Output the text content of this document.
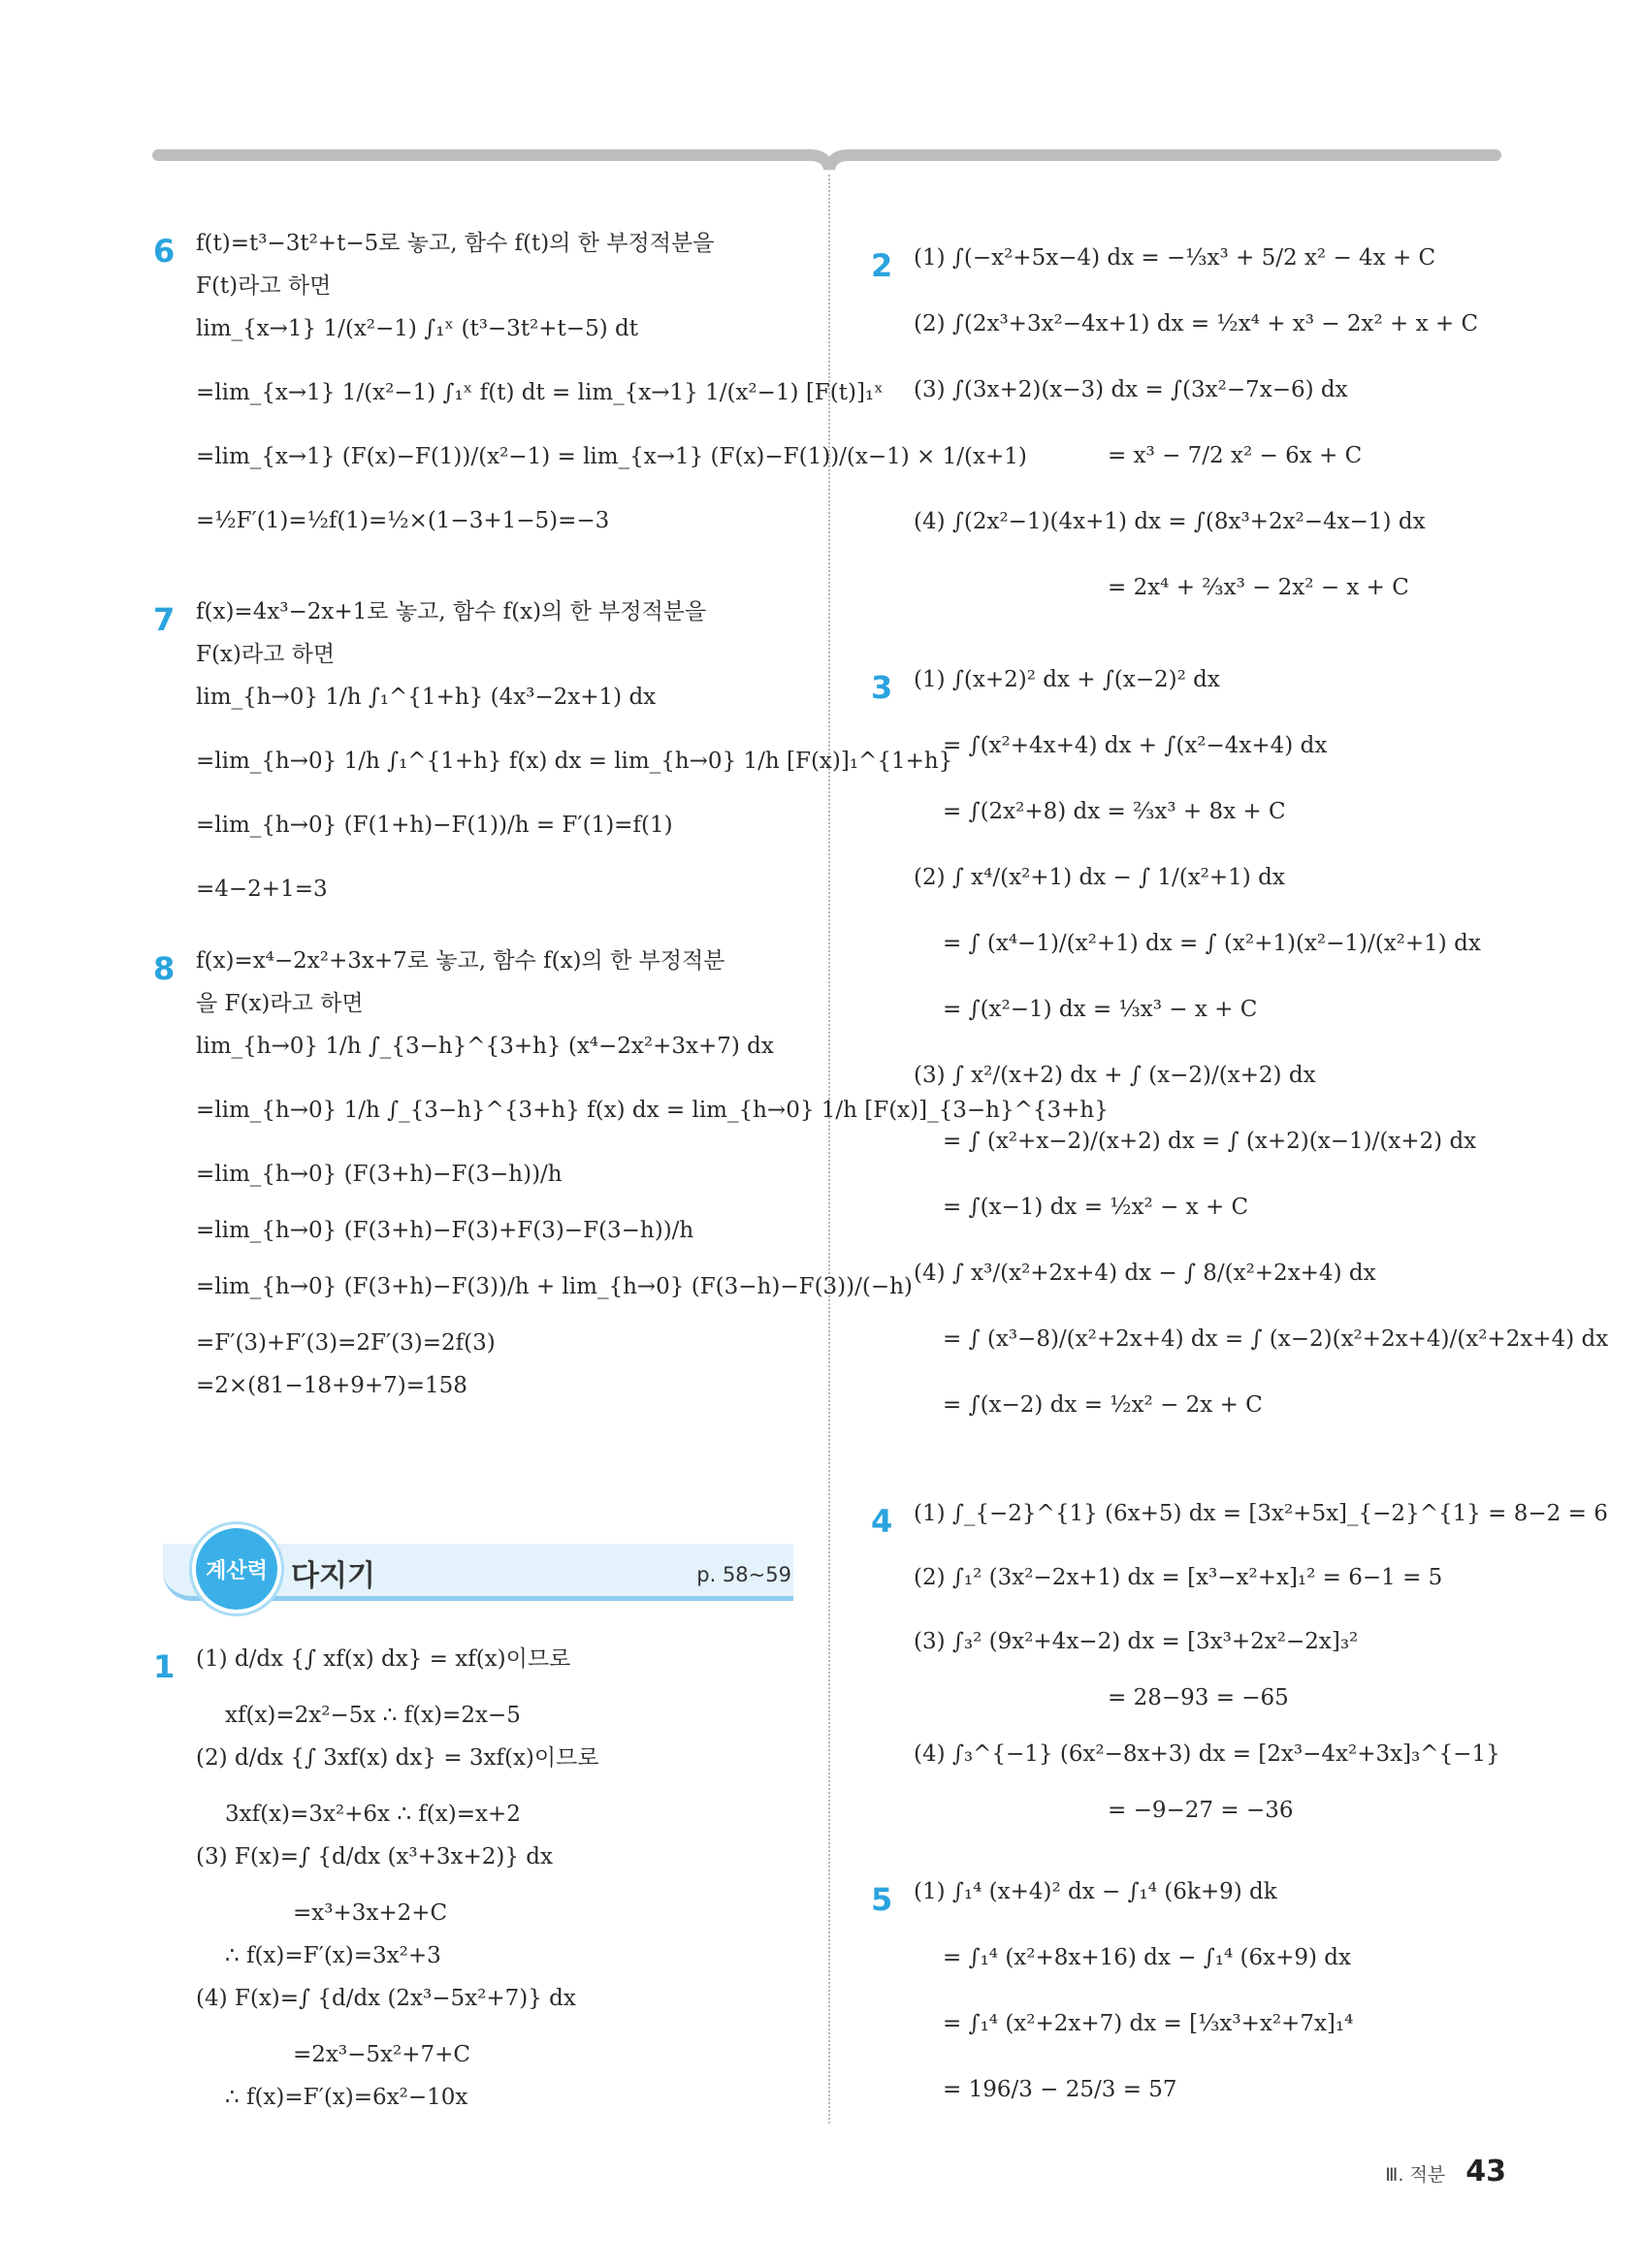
6 f(t)=t³−3t²+t−5로 놓고, 함수 f(t)의 한 부정적분을
F(t)라고 하면
lim_{x→1} 1/(x²−1) ∫₁ˣ (t³−3t²+t−5) dt
=lim_{x→1} 1/(x²−1) ∫₁ˣ f(t) dt = lim_{x→1} 1/(x²−1) [F(t)]₁ˣ
=lim_{x→1} (F(x)−F(1))/(x²−1) = lim_{x→1} (F(x)−F(1))/(x−1) × 1/(x+1)
=½F′(1)=½f(1)=½×(1−3+1−5)=−3
7 f(x)=4x³−2x+1로 놓고, 함수 f(x)의 한 부정적분을
F(x)라고 하면
lim_{h→0} 1/h ∫₁^{1+h} (4x³−2x+1) dx
=lim_{h→0} 1/h ∫₁^{1+h} f(x) dx = lim_{h→0} 1/h [F(x)]₁^{1+h}
=lim_{h→0} (F(1+h)−F(1))/h = F′(1)=f(1)
=4−2+1=3
8 f(x)=x⁴−2x²+3x+7로 놓고, 함수 f(x)의 한 부정적분
을 F(x)라고 하면
lim_{h→0} 1/h ∫_{3−h}^{3+h} (x⁴−2x²+3x+7) dx
=lim_{h→0} 1/h ∫_{3−h}^{3+h} f(x) dx = lim_{h→0} 1/h [F(x)]_{3−h}^{3+h}
=lim_{h→0} (F(3+h)−F(3−h))/h
=lim_{h→0} (F(3+h)−F(3)+F(3)−F(3−h))/h
=lim_{h→0} (F(3+h)−F(3))/h + lim_{h→0} (F(3−h)−F(3))/(−h)
=F′(3)+F′(3)=2F′(3)=2f(3)
=2×(81−18+9+7)=158
1 (1) d/dx {∫ xf(x) dx} = xf(x)이므로
xf(x)=2x²−5x ∴ f(x)=2x−5
(2) d/dx {∫ 3xf(x) dx} = 3xf(x)이므로
3xf(x)=3x²+6x ∴ f(x)=x+2
(3) F(x)=∫ {d/dx (x³+3x+2)} dx
=x³+3x+2+C
∴ f(x)=F′(x)=3x²+3
(4) F(x)=∫ {d/dx (2x³−5x²+7)} dx
=2x³−5x²+7+C
∴ f(x)=F′(x)=6x²−10x
계산력 다지기	p. 58~59
2 (1) ∫(−x²+5x−4) dx = −⅓x³ + 5/2 x² − 4x + C
(2) ∫(2x³+3x²−4x+1) dx = ½x⁴ + x³ − 2x² + x + C
(3) ∫(3x+2)(x−3) dx = ∫(3x²−7x−6) dx
= x³ − 7/2 x² − 6x + C
(4) ∫(2x²−1)(4x+1) dx = ∫(8x³+2x²−4x−1) dx
= 2x⁴ + ⅔x³ − 2x² − x + C
3 (1) ∫(x+2)² dx + ∫(x−2)² dx
= ∫(x²+4x+4) dx + ∫(x²−4x+4) dx
= ∫(2x²+8) dx = ⅔x³ + 8x + C
(2) ∫ x⁴/(x²+1) dx − ∫ 1/(x²+1) dx
= ∫ (x⁴−1)/(x²+1) dx = ∫ (x²+1)(x²−1)/(x²+1) dx
= ∫(x²−1) dx = ⅓x³ − x + C
(3) ∫ x²/(x+2) dx + ∫ (x−2)/(x+2) dx
= ∫ (x²+x−2)/(x+2) dx = ∫ (x+2)(x−1)/(x+2) dx
= ∫(x−1) dx = ½x² − x + C
(4) ∫ x³/(x²+2x+4) dx − ∫ 8/(x²+2x+4) dx
= ∫ (x³−8)/(x²+2x+4) dx = ∫ (x−2)(x²+2x+4)/(x²+2x+4) dx
= ∫(x−2) dx = ½x² − 2x + C
4 (1) ∫_{−2}^{1} (6x+5) dx = [3x²+5x]_{−2}^{1} = 8−2 = 6
(2) ∫₁² (3x²−2x+1) dx = [x³−x²+x]₁² = 6−1 = 5
(3) ∫₃² (9x²+4x−2) dx = [3x³+2x²−2x]₃²
= 28−93 = −65
(4) ∫₃^{−1} (6x²−8x+3) dx = [2x³−4x²+3x]₃^{−1}
= −9−27 = −36
5 (1) ∫₁⁴ (x+4)² dx − ∫₁⁴ (6k+9) dk
= ∫₁⁴ (x²+8x+16) dx − ∫₁⁴ (6x+9) dx
= ∫₁⁴ (x²+2x+7) dx = [⅓x³+x²+7x]₁⁴
= 196/3 − 25/3 = 57
Ⅲ. 적분 43
